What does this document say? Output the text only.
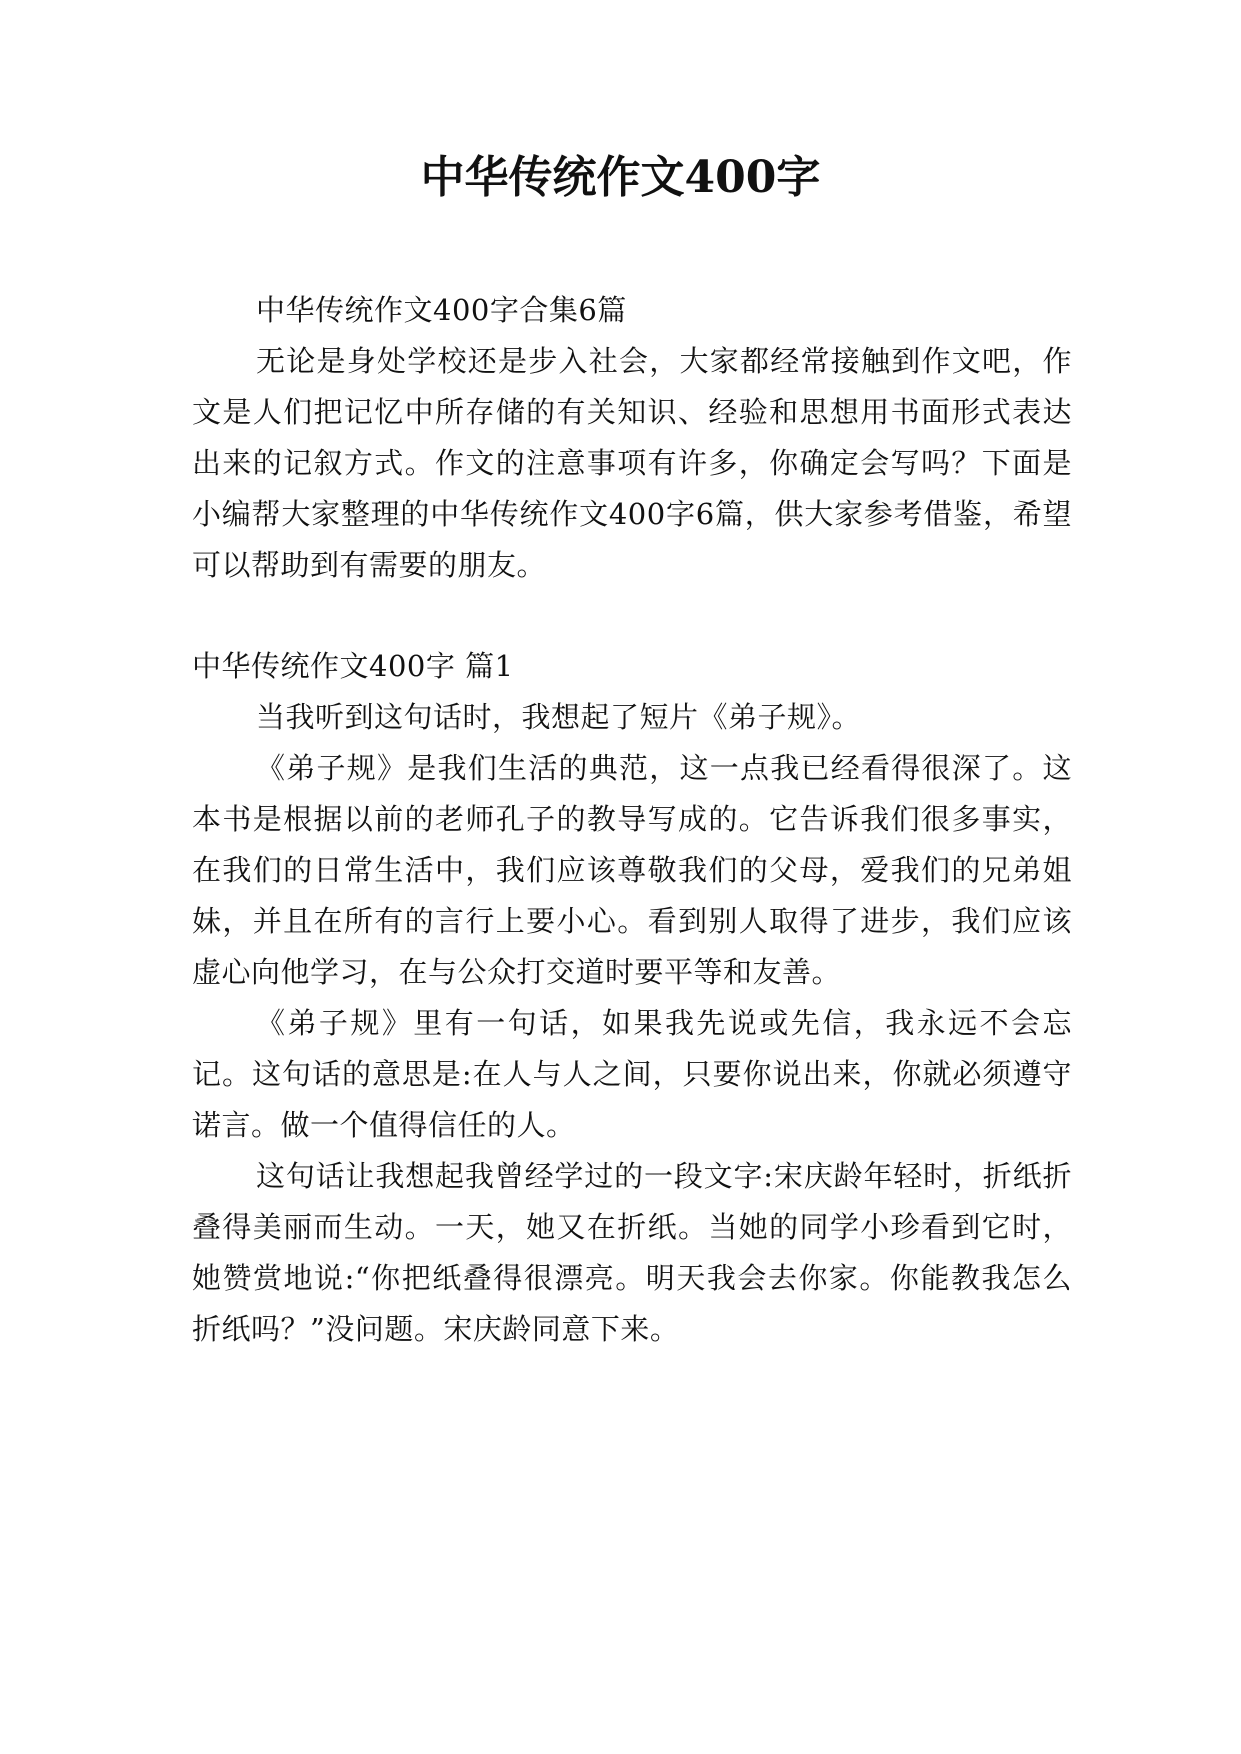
中华传统作文400字

中华传统作文400字合集6篇

无论是身处学校还是步入社会，大家都经常接触到作文吧，作文是人们把记忆中所存储的有关知识、经验和思想用书面形式表达出来的记叙方式。作文的注意事项有许多，你确定会写吗？下面是小编帮大家整理的中华传统作文400字6篇，供大家参考借鉴，希望可以帮助到有需要的朋友。

中华传统作文400字 篇1

当我听到这句话时，我想起了短片《弟子规》。

《弟子规》是我们生活的典范，这一点我已经看得很深了。这本书是根据以前的老师孔子的教导写成的。它告诉我们很多事实，在我们的日常生活中，我们应该尊敬我们的父母，爱我们的兄弟姐妹，并且在所有的言行上要小心。看到别人取得了进步，我们应该虚心向他学习，在与公众打交道时要平等和友善。

《弟子规》里有一句话，如果我先说或先信，我永远不会忘记。这句话的意思是:在人与人之间，只要你说出来，你就必须遵守诺言。做一个值得信任的人。

这句话让我想起我曾经学过的一段文字:宋庆龄年轻时，折纸折叠得美丽而生动。一天，她又在折纸。当她的同学小珍看到它时，她赞赏地说:“你把纸叠得很漂亮。明天我会去你家。你能教我怎么折纸吗？”没问题。宋庆龄同意下来。
